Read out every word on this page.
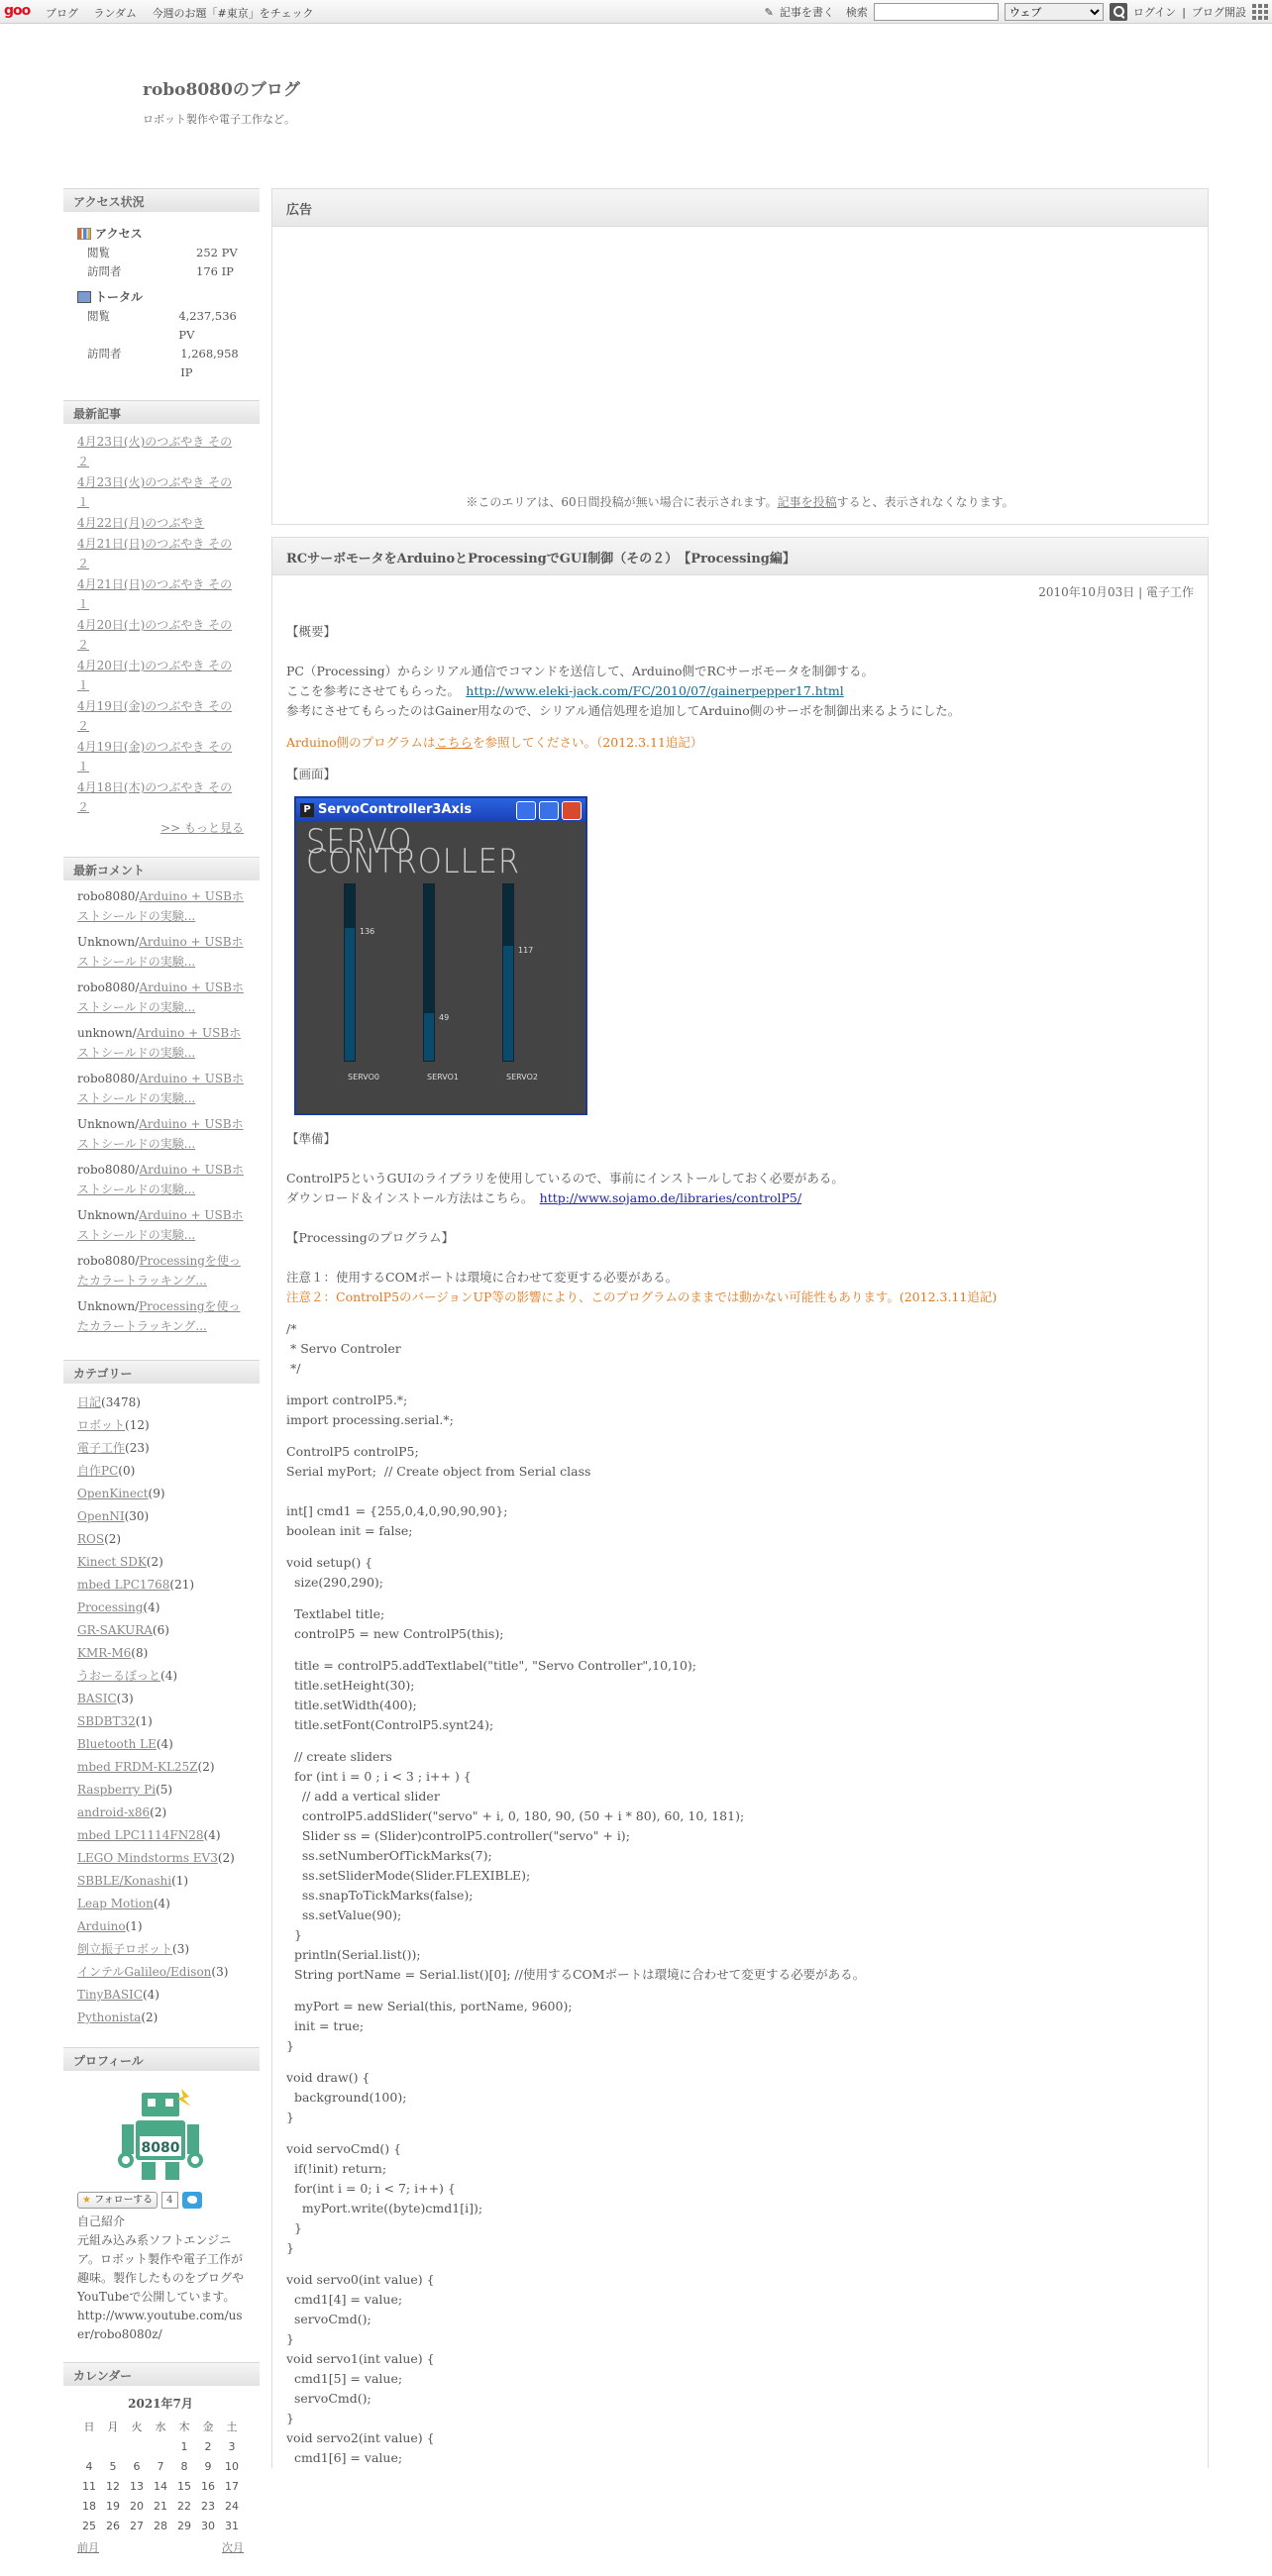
goo ブログ ランダム 今週のお題「#東京」をチェック	✎ 記事を書く 検索
ウェブ	ログイン | ブログ開設
robo8080のブログ
ロボット製作や電子工作など。
アクセス状況
アクセス
閲覧	252 PV
訪問者	176 IP
トータル
閲覧	4,237,536 PV
訪問者	1,268,958 IP
最新記事
4月23日(火)のつぶやき その２
4月23日(火)のつぶやき その１
4月22日(月)のつぶやき
4月21日(日)のつぶやき その２
4月21日(日)のつぶやき その１
4月20日(土)のつぶやき その２
4月20日(土)のつぶやき その１
4月19日(金)のつぶやき その２
4月19日(金)のつぶやき その１
4月18日(木)のつぶやき その２
>> もっと見る
最新コメント
robo8080/Arduino + USBホストシールドの実験...
Unknown/Arduino + USBホストシールドの実験...
robo8080/Arduino + USBホストシールドの実験...
unknown/Arduino + USBホストシールドの実験...
robo8080/Arduino + USBホストシールドの実験...
Unknown/Arduino + USBホストシールドの実験...
robo8080/Arduino + USBホストシールドの実験...
Unknown/Arduino + USBホストシールドの実験...
robo8080/Processingを使ったカラートラッキング...
Unknown/Processingを使ったカラートラッキング...
カテゴリー
日記(3478)
ロボット(12)
電子工作(23)
自作PC(0)
OpenKinect(9)
OpenNI(30)
ROS(2)
Kinect SDK(2)
mbed LPC1768(21)
Processing(4)
GR-SAKURA(6)
KMR-M6(8)
うおーるぼっと(4)
BASIC(3)
SBDBT32(1)
Bluetooth LE(4)
mbed FRDM-KL25Z(2)
Raspberry Pi(5)
android-x86(2)
mbed LPC1114FN28(4)
LEGO Mindstorms EV3(2)
SBBLE/Konashi(1)
Leap Motion(4)
Arduino(1)
倒立振子ロボット(3)
インテルGalileo/Edison(3)
TinyBASIC(4)
Pythonista(2)
プロフィール
8080
★ フォローする	4
自己紹介
元組み込み系ソフトエンジニア。ロボット製作や電子工作が趣味。製作したものをブログやYouTubeで公開しています。
http://www.youtube.com/user/robo8080z/
カレンダー
2021年7月
日	月	火	水	木	金	土
				1	2	3
4	5	6	7	8	9	10
11	12	13	14	15	16	17
18	19	20	21	22	23	24
25	26	27	28	29	30	31
前月	次月
広告
※このエリアは、60日間投稿が無い場合に表示されます。記事を投稿すると、表示されなくなります。
RCサーボモータをArduinoとProcessingでGUI制御（その２）　【Processing編】
2010年10月03日 | 電子工作

【概要】

PC（Processing）からシリアル通信でコマンドを送信して、Arduino側でRCサーボモータを制御する。

ここを参考にさせてもらった。　http://www.eleki-jack.com/FC/2010/07/gainerpepper17.html

参考にさせてもらったのはGainer用なので、シリアル通信処理を追加してArduino側のサーボを制御出来るようにした。

Arduino側のプログラムはこちらを参照してください。（2012.3.11追記）

【画面】

P ServoController3Axis
SERVO CONTROLLER
136
SERVO0
49
SERVO1
117
SERVO2

【準備】

ControlP5というGUIのライブラリを使用しているので、事前にインストールしておく必要がある。

ダウンロード＆インストール方法はこちら。　http://www.sojamo.de/libraries/controlP5/

【Processingのプログラム】

注意１：使用するCOMポートは環境に合わせて変更する必要がある。

注意２：ControlP5のバージョンUP等の影響により、このプログラムのままでは動かない可能性もあります。(2012.3.11追記)

/*
* Servo Controler
*/
import controlP5.*;
import processing.serial.*;
ControlP5 controlP5;
Serial myPort;  // Create object from Serial class
int[] cmd1 = {255,0,4,0,90,90,90};
boolean init = false;
void setup() {
size(290,290);
Textlabel title;
controlP5 = new ControlP5(this);
title = controlP5.addTextlabel("title", "Servo Controller",10,10);
title.setHeight(30);
title.setWidth(400);
title.setFont(ControlP5.synt24);
// create sliders
for (int i = 0 ; i < 3 ; i++ ) {
// add a vertical slider
controlP5.addSlider("servo" + i, 0, 180, 90, (50 + i * 80), 60, 10, 181);
Slider ss = (Slider)controlP5.controller("servo" + i);
ss.setNumberOfTickMarks(7);
ss.setSliderMode(Slider.FLEXIBLE);
ss.snapToTickMarks(false);
ss.setValue(90);
}
println(Serial.list());
String portName = Serial.list()[0]; //使用するCOMポートは環境に合わせて変更する必要がある。
myPort = new Serial(this, portName, 9600);
init = true;
}
void draw() {
background(100);
}
void servoCmd() {
if(!init) return;
for(int i = 0; i < 7; i++) {
myPort.write((byte)cmd1[i]);
}
}
void servo0(int value) {
cmd1[4] = value;
servoCmd();
}
void servo1(int value) {
cmd1[5] = value;
servoCmd();
}
void servo2(int value) {
cmd1[6] = value;
